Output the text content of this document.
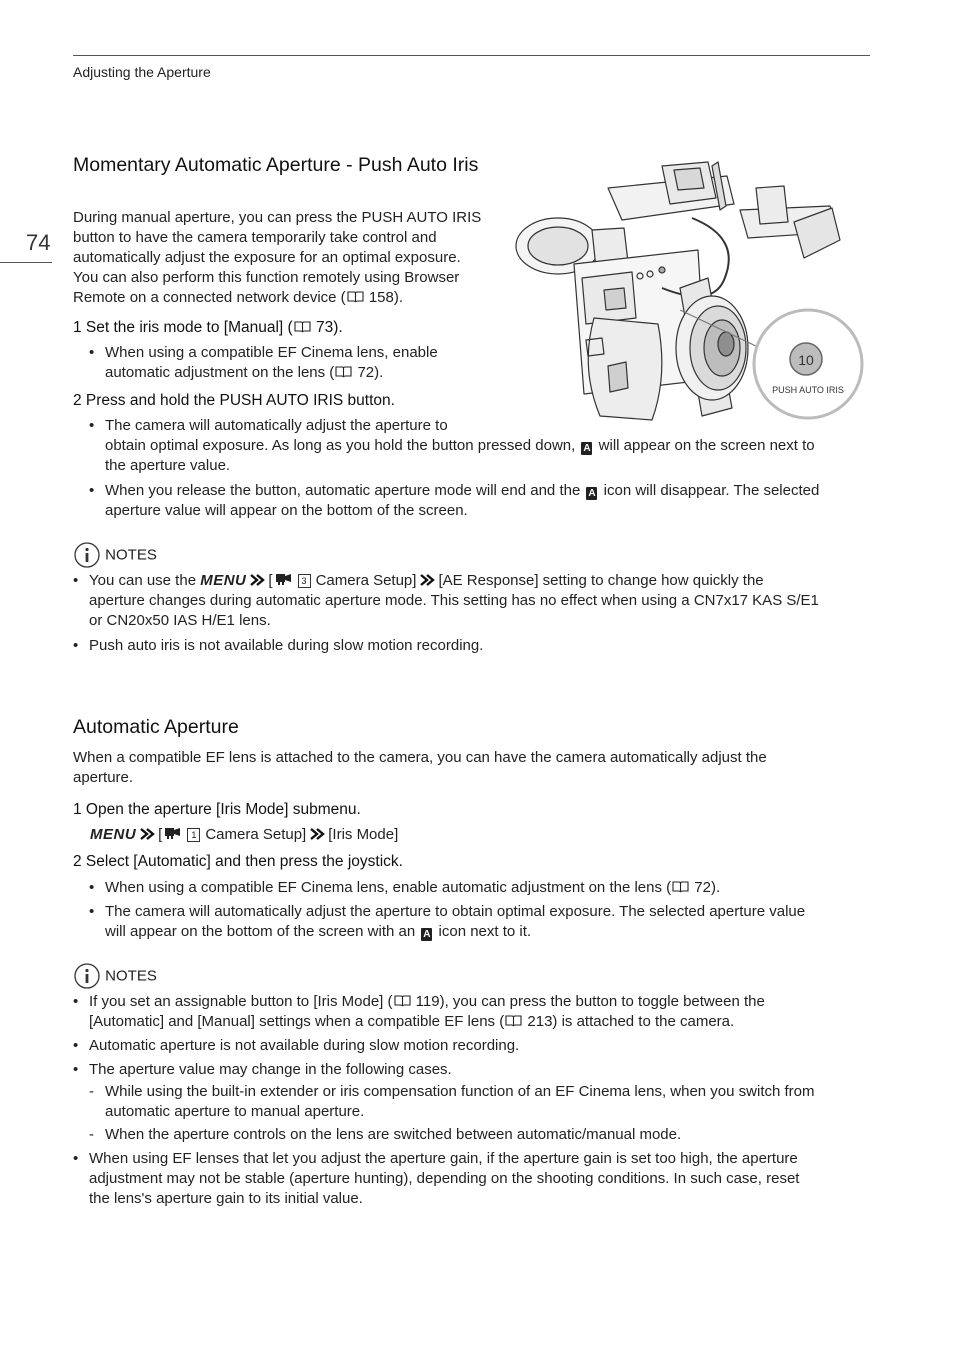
Adjusting the Aperture
74
Momentary Automatic Aperture - Push Auto Iris
During manual aperture, you can press the PUSH AUTO IRIS
button to have the camera temporarily take control and
automatically adjust the exposure for an optimal exposure.
You can also perform this function remotely using Browser
Remote on a connected network device ( 158).
1 Set the iris mode to [Manual] ( 73).
• When using a compatible EF Cinema lens, enable
automatic adjustment on the lens ( 72).
2 Press and hold the PUSH AUTO IRIS button.
• The camera will automatically adjust the aperture to
obtain optimal exposure. As long as you hold the button pressed down, A will appear on the screen next to
the aperture value.
• When you release the button, automatic aperture mode will end and the A icon will disappear. The selected
aperture value will appear on the bottom of the screen.
10
PUSH AUTO IRIS
NOTES
• You can use the MENU [	3 Camera Setup] [AE Response] setting to change how quickly the
aperture changes during automatic aperture mode. This setting has no effect when using a CN7x17 KAS S/E1
or CN20x50 IAS H/E1 lens.
• Push auto iris is not available during slow motion recording.
Automatic Aperture
When a compatible EF lens is attached to the camera, you can have the camera automatically adjust the
aperture.
1 Open the aperture [Iris Mode] submenu.
MENU [	1 Camera Setup] [Iris Mode]
2 Select [Automatic] and then press the joystick.
• When using a compatible EF Cinema lens, enable automatic adjustment on the lens ( 72).
• The camera will automatically adjust the aperture to obtain optimal exposure. The selected aperture value
will appear on the bottom of the screen with an A icon next to it.
NOTES
• If you set an assignable button to [Iris Mode] ( 119), you can press the button to toggle between the
[Automatic] and [Manual] settings when a compatible EF lens ( 213) is attached to the camera.
• Automatic aperture is not available during slow motion recording.
• The aperture value may change in the following cases.
- While using the built-in extender or iris compensation function of an EF Cinema lens, when you switch from
automatic aperture to manual aperture.
- When the aperture controls on the lens are switched between automatic/manual mode.
• When using EF lenses that let you adjust the aperture gain, if the aperture gain is set too high, the aperture
adjustment may not be stable (aperture hunting), depending on the shooting conditions. In such case, reset
the lens's aperture gain to its initial value.
